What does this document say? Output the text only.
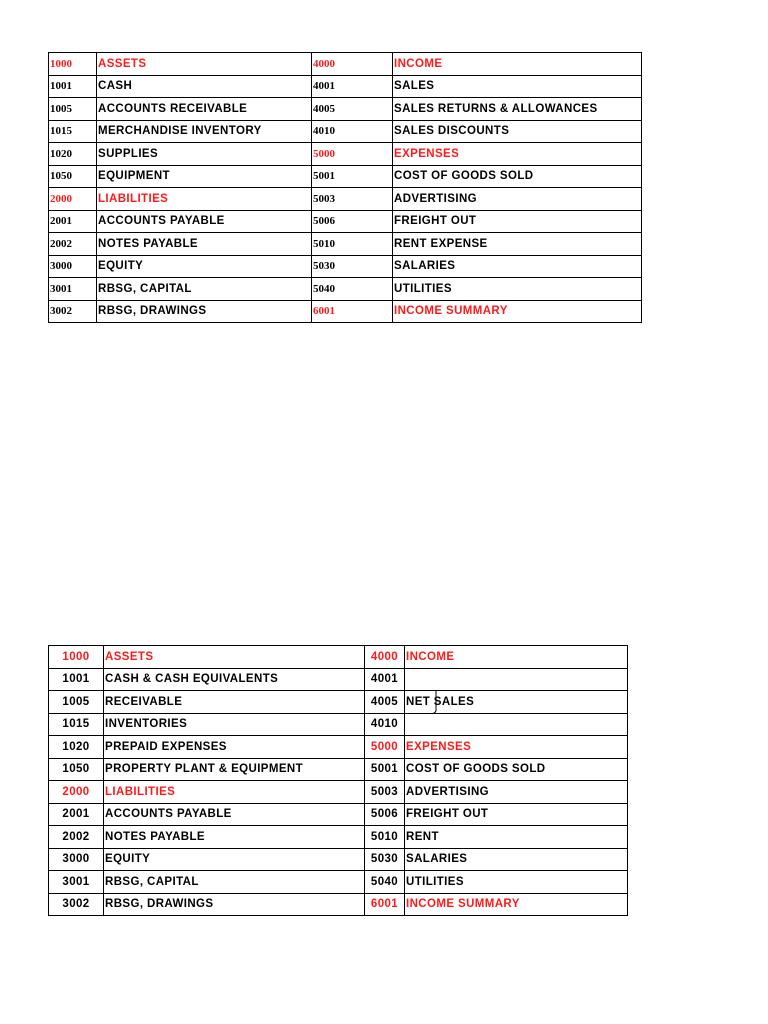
1000	ASSETS	4000	INCOME
1001	CASH	4001	SALES
1005	ACCOUNTS RECEIVABLE	4005	SALES RETURNS & ALLOWANCES
1015	MERCHANDISE INVENTORY	4010	SALES DISCOUNTS
1020	SUPPLIES	5000	EXPENSES
1050	EQUIPMENT	5001	COST OF GOODS SOLD
2000	LIABILITIES	5003	ADVERTISING
2001	ACCOUNTS PAYABLE	5006	FREIGHT OUT
2002	NOTES PAYABLE	5010	RENT EXPENSE
3000	EQUITY	5030	SALARIES
3001	RBSG, CAPITAL	5040	UTILITIES
3002	RBSG, DRAWINGS	6001	INCOME SUMMARY
1000	ASSETS	4000	INCOME
1001	CASH & CASH EQUIVALENTS	4001	
1005	RECEIVABLE	4005	NET SALES

1015	INVENTORIES	4010	
1020	PREPAID EXPENSES	5000	EXPENSES
1050	PROPERTY PLANT & EQUIPMENT	5001	COST OF GOODS SOLD
2000	LIABILITIES	5003	ADVERTISING
2001	ACCOUNTS PAYABLE	5006	FREIGHT OUT
2002	NOTES PAYABLE	5010	RENT
3000	EQUITY	5030	SALARIES
3001	RBSG, CAPITAL	5040	UTILITIES
3002	RBSG, DRAWINGS	6001	INCOME SUMMARY
